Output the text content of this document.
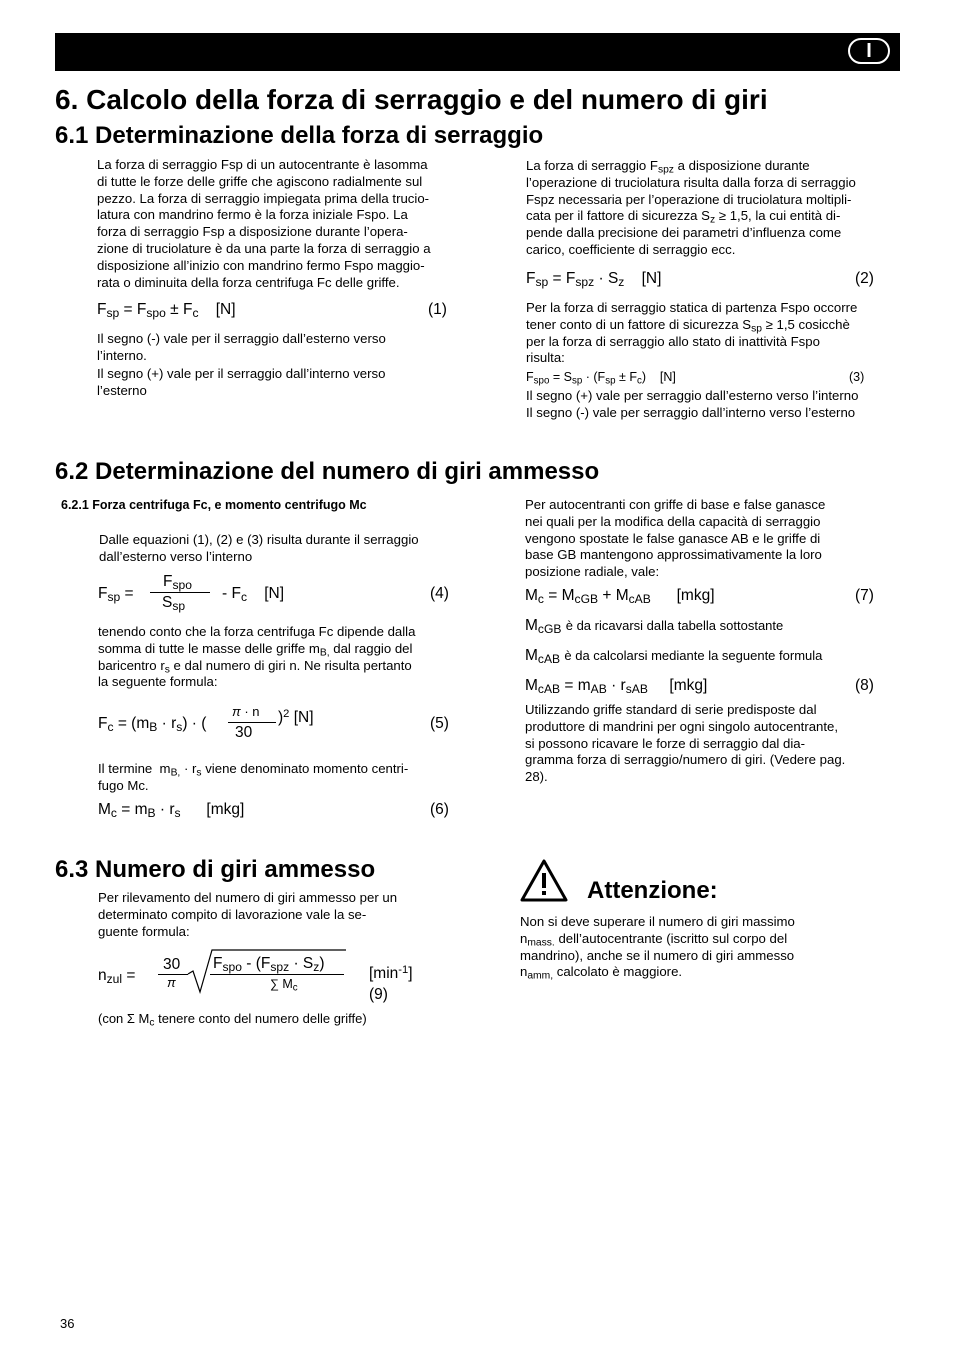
I
6. Calcolo della forza di serraggio e del numero di giri
6.1 Determinazione della forza di serraggio
La forza di serraggio Fsp di un autocentrante è lasomma
di tutte le forze delle griffe che agiscono radialmente sul
pezzo. La forza di serraggio impiegata prima della trucio-
latura con mandrino fermo è la forza iniziale Fspo. La
forza di serraggio Fsp a disposizione durante l’opera-
zione di truciolature è da una parte la forza di serraggio a
disposizione all’inizio con mandrino fermo Fspo maggio-
rata o diminuita della forza centrifuga Fc delle griffe.
$F_{sp} = F_{spo} \pm F_c$    [N]	(1)
Il segno (-) vale per il serraggio dall’esterno verso
l’interno.
Il segno (+) vale per il serraggio dall’interno verso
l’esterno
La forza di serraggio $F_{spz}$ a disposizione durante
l’operazione di truciolatura risulta dalla forza di serraggio
Fspz necessaria per l’operazione di truciolatura moltipli-
cata per il fattore di sicurezza $S_z \ge 1,5$, la cui entità di-
pende dalla precisione dei parametri d’influenza come
carico, coefficiente di serraggio ecc.
$F_{sp} = F_{spz} \cdot S_z$    [N]	(2)
Per la forza di serraggio statica di partenza Fspo occorre
tener conto di un fattore di sicurezza $S_{sp} \ge 1,5$ cosicchè
per la forza di serraggio allo stato di inattività Fspo
risulta:
$F_{spo} = S_{sp} \cdot (F_{sp} \pm F_c)$    [N]	(3)
Il segno (+) vale per serraggio dall’esterno verso l’interno
Il segno (-) vale per serraggio dall’interno verso l’esterno
6.2 Determinazione del numero di giri ammesso
6.2.1 Forza centrifuga Fc, e momento centrifugo Mc
Dalle equazioni (1), (2) e (3) risulta durante il serraggio
dall’esterno verso l’interno
$F_{sp}$ =
$F_{spo}$
$S_{sp}$
- $F_c$    [N]	(4)
tenendo conto che la forza centrifuga Fc dipende dalla
somma di tutte le masse delle griffe $m_{B,}$ dal raggio del
baricentro $r_s$ e dal numero di giri n. Ne risulta pertanto
la seguente formula:
$F_c = (m_B \cdot r_s)$ · (
π · n
30
)$^2$ [N]	(5)
Il termine  $m_{B,} \cdot r_s$ viene denominato momento centri-
fugo Mc.
$M_c = m_B \cdot r_s$      [mkg]	(6)
Per autocentranti con griffe di base e false ganasce
nei quali per la modifica della capacità di serraggio
vengono spostate le false ganasce AB e le griffe di
base GB mantengono approssimativamente la loro
posizione radiale, vale:
$M_c = M_{cGB} + M_{cAB}$      [mkg]	(7)
$M_{cGB}$ è da ricavarsi dalla tabella sottostante
$M_{cAB}$ è da calcolarsi mediante la seguente formula
$M_{cAB} = m_{AB} \cdot r_{sAB}$     [mkg]	(8)
Utilizzando griffe standard di serie predisposte dal
produttore di mandrini per ogni singolo autocentrante,
si possono ricavare le forze di serraggio dal dia-
gramma forza di serraggio/numero di giri. (Vedere pag.
28).
6.3 Numero di giri ammesso
Per rilevamento del numero di giri ammesso per un
determinato compito di lavorazione vale la se-
guente formula:
$n_{zul}$ =
30
π
$F_{spo} - (F_{spz} \cdot S_z)$
∑ $M_c$
$[\min^{-1}]$
(9)
(con Σ $M_c$ tenere conto del numero delle griffe)
Attenzione:
Non si deve superare il numero di giri massimo
$n_{mass.}$ dell’autocentrante (iscritto sul corpo del
mandrino), anche se il numero di giri ammesso
$n_{amm,}$ calcolato è maggiore.
36
